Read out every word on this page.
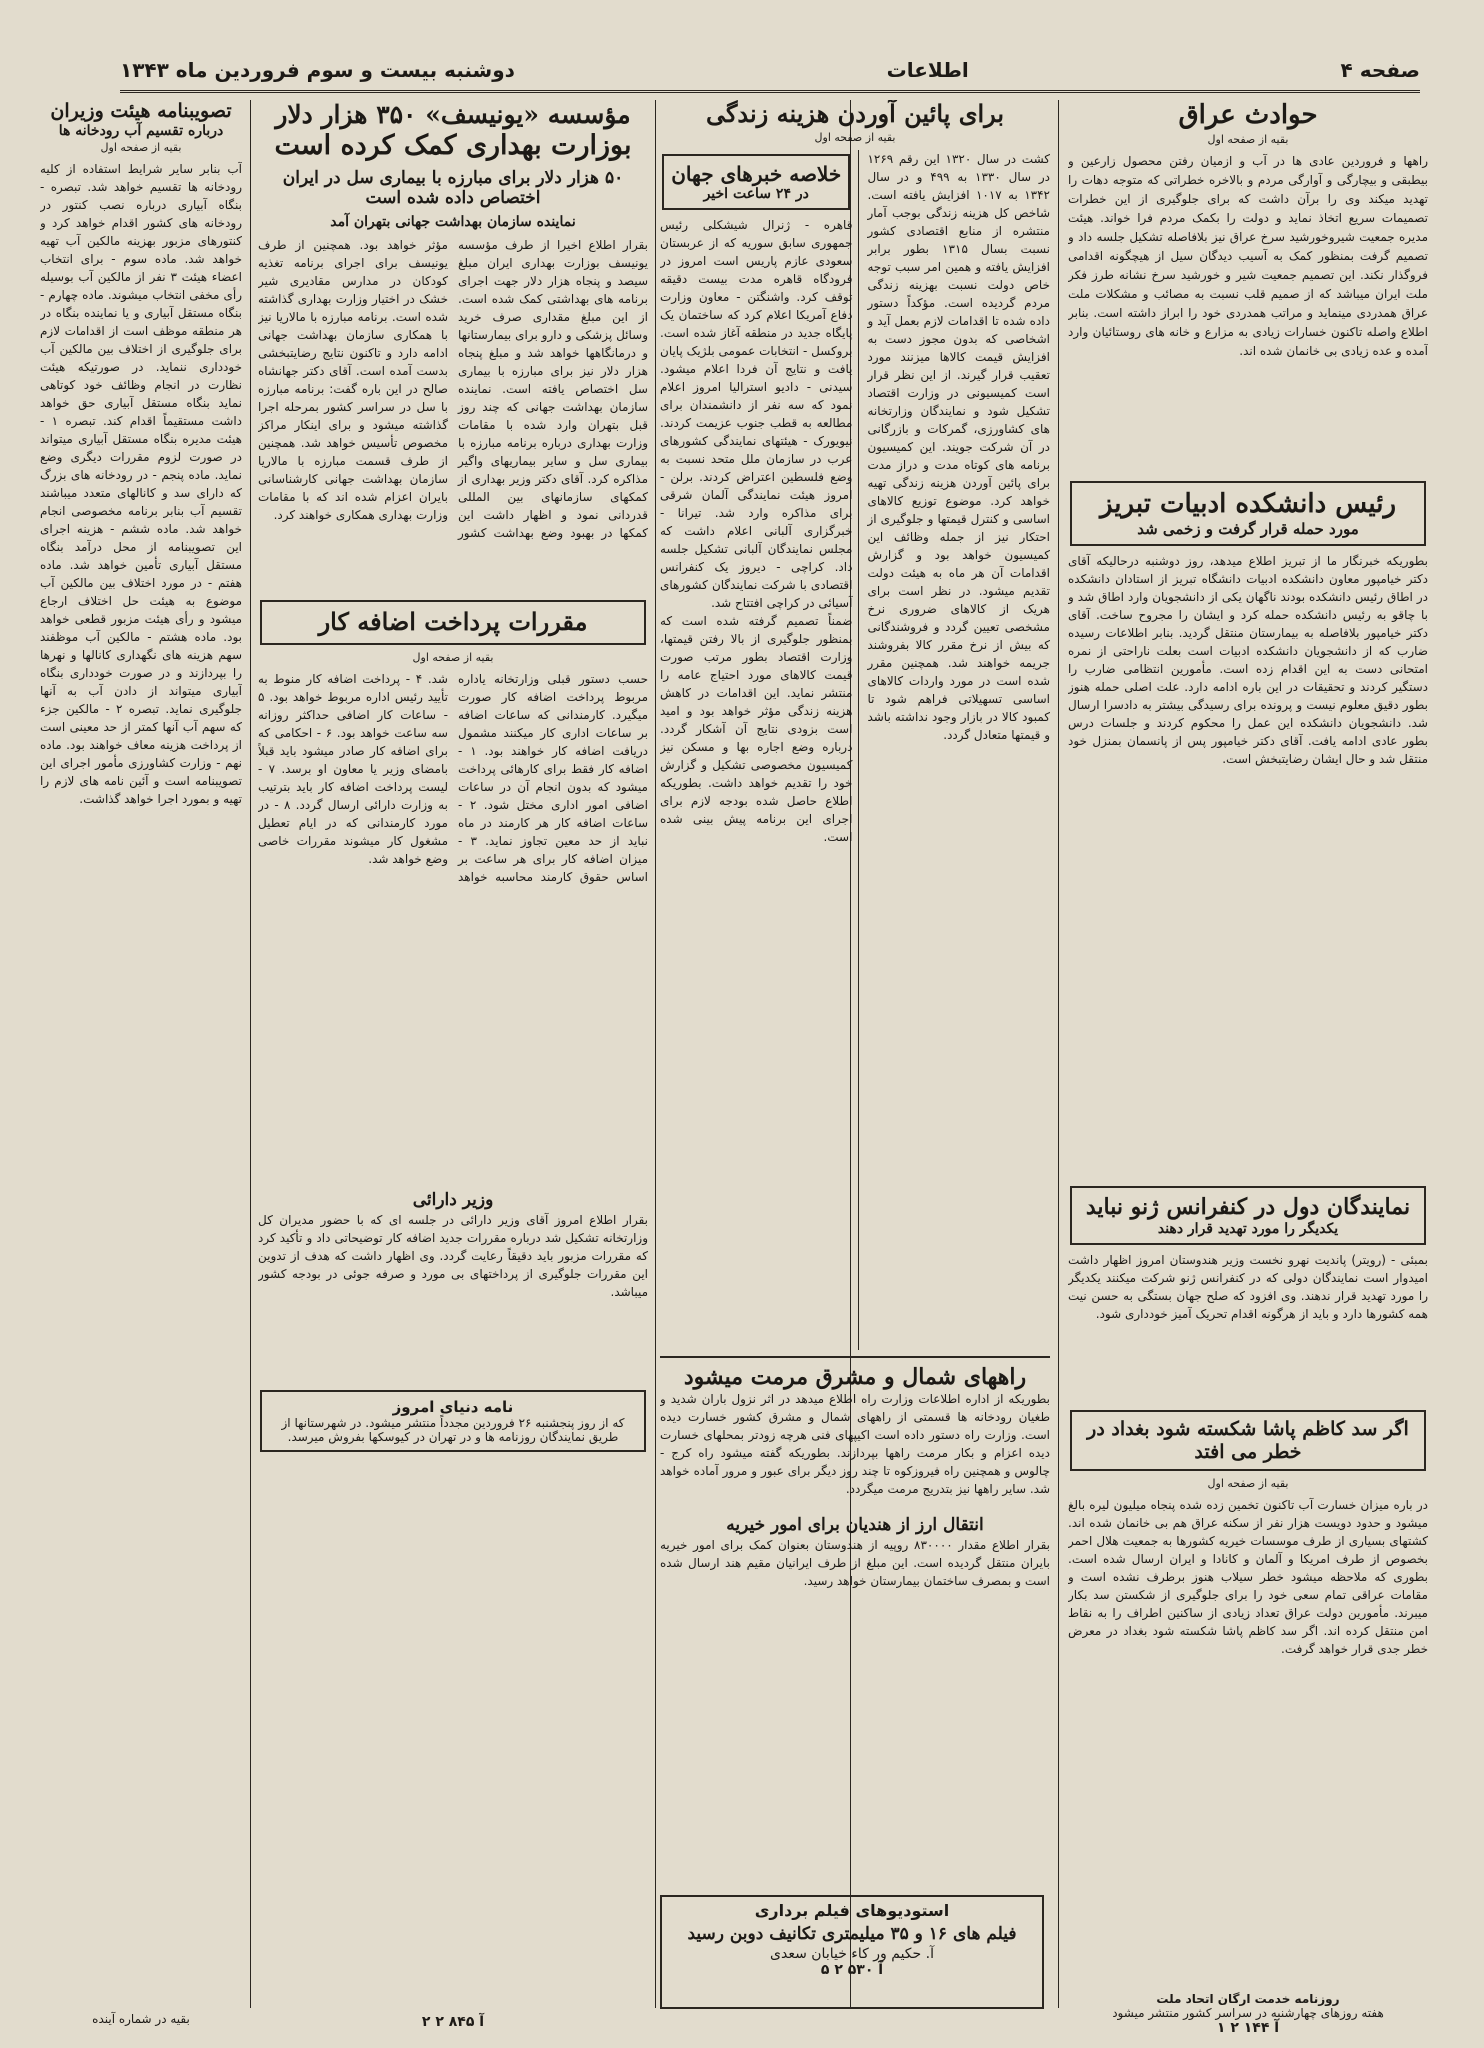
صفحه ۴
اطلاعات
دوشنبه بیست و سوم فروردین ماه ۱۳۴۳
حوادث عراق
بقیه از صفحه اول

راهها و فروردین عادی ها در آب و ازمیان رفتن محصول زارعین و بیطبقی و بیچارگی و آوارگی مردم و بالاخره خطراتی که متوجه دهات را تهدید میکند وی را برآن داشت که برای جلوگیری از این خطرات تصمیمات سریع اتخاذ نماید و دولت را بکمک مردم فرا خواند. هیئت مدیره جمعیت شیروخورشید سرخ عراق نیز بلافاصله تشکیل جلسه داد و تصمیم گرفت بمنظور کمک به آسیب دیدگان سیل از هیچگونه اقدامی فروگذار نکند. این تصمیم جمعیت شیر و خورشید سرخ نشانه طرز فکر ملت ایران میباشد که از صمیم قلب نسبت به مصائب و مشکلات ملت عراق همدردی مینماید و مراتب همدردی خود را ابراز داشته است. بنابر اطلاع واصله تاکنون خسارات زیادی به مزارع و خانه های روستائیان وارد آمده و عده زیادی بی خانمان شده اند.

رئیس دانشکده ادبیات تبریز
مورد حمله قرار گرفت و زخمی شد

بطوریکه خبرنگار ما از تبریز اطلاع میدهد، روز دوشنبه درحالیکه آقای دکتر خیامپور معاون دانشکده ادبیات دانشگاه تبریز از استادان دانشکده در اطاق رئیس دانشکده بودند ناگهان یکی از دانشجویان وارد اطاق شد و با چاقو به رئیس دانشکده حمله کرد و ایشان را مجروح ساخت. آقای دکتر خیامپور بلافاصله به بیمارستان منتقل گردید. بنابر اطلاعات رسیده ضارب که از دانشجویان دانشکده ادبیات است بعلت ناراحتی از نمره امتحانی دست به این اقدام زده است. مأمورین انتظامی ضارب را دستگیر کردند و تحقیقات در این باره ادامه دارد. علت اصلی حمله هنوز بطور دقیق معلوم نیست و پرونده برای رسیدگی بیشتر به دادسرا ارسال شد. دانشجویان دانشکده این عمل را محکوم کردند و جلسات درس بطور عادی ادامه یافت. آقای دکتر خیامپور پس از پانسمان بمنزل خود منتقل شد و حال ایشان رضایتبخش است.

نمایندگان دول در کنفرانس ژنو نباید
یکدیگر را مورد تهدید قرار دهند

بمبئی - (رویتر) پاندیت نهرو نخست وزیر هندوستان امروز اظهار داشت امیدوار است نمایندگان دولی که در کنفرانس ژنو شرکت میکنند یکدیگر را مورد تهدید قرار ندهند. وی افزود که صلح جهان بستگی به حسن نیت همه کشورها دارد و باید از هرگونه اقدام تحریک آمیز خودداری شود.

اگر سد کاظم پاشا شکسته شود بغداد در خطر می افتد
بقیه از صفحه اول

در باره میزان خسارت آب تاکنون تخمین زده شده پنجاه میلیون لیره بالغ میشود و حدود دویست هزار نفر از سکنه عراق هم بی خانمان شده اند. کشتهای بسیاری از طرف موسسات خیریه کشورها به جمعیت هلال احمر بخصوص از طرف امریکا و آلمان و کانادا و ایران ارسال شده است. بطوری که ملاحظه میشود خطر سیلاب هنوز برطرف نشده است و مقامات عراقی تمام سعی خود را برای جلوگیری از شکستن سد بکار میبرند. مأمورین دولت عراق تعداد زیادی از ساکنین اطراف را به نقاط امن منتقل کرده اند. اگر سد کاظم پاشا شکسته شود بغداد در معرض خطر جدی قرار خواهد گرفت.

روزنامه خدمت ارگان اتحاد ملت
هفته روزهای چهارشنبه در سراسر کشور منتشر میشود
آ ۱۴۴ ۲ ۱
برای پائین آوردن هزینه زندگی
بقیه از صفحه اول

کشت در سال ۱۳۲۰ این رقم ۱۲۶۹ در سال ۱۳۳۰ به ۴۹۹ و در سال ۱۳۴۲ به ۱۰۱۷ افزایش یافته است. شاخص کل هزینه زندگی بوجب آمار منتشره از منابع اقتصادی کشور نسبت بسال ۱۳۱۵ بطور برابر افزایش یافته و همین امر سبب توجه خاص دولت نسبت بهزینه زندگی مردم گردیده است. مؤکداً دستور داده شده تا اقدامات لازم بعمل آید و اشخاصی که بدون مجوز دست به افزایش قیمت کالاها میزنند مورد تعقیب قرار گیرند. از این نظر قرار است کمیسیونی در وزارت اقتصاد تشکیل شود و نمایندگان وزارتخانه های کشاورزی، گمرکات و بازرگانی در آن شرکت جویند. این کمیسیون برنامه های کوتاه مدت و دراز مدت برای پائین آوردن هزینه زندگی تهیه خواهد کرد. موضوع توزیع کالاهای اساسی و کنترل قیمتها و جلوگیری از احتکار نیز از جمله وظائف این کمیسیون خواهد بود و گزارش اقدامات آن هر ماه به هیئت دولت تقدیم میشود. در نظر است برای هریک از کالاهای ضروری نرخ مشخصی تعیین گردد و فروشندگانی که بیش از نرخ مقرر کالا بفروشند جریمه خواهند شد. همچنین مقرر شده است در مورد واردات کالاهای اساسی تسهیلاتی فراهم شود تا کمبود کالا در بازار وجود نداشته باشد و قیمتها متعادل گردد.

خلاصه خبرهای جهان
در ۲۴ ساعت اخیر

قاهره - ژنرال شیشکلی رئیس جمهوری سابق سوریه که از عربستان سعودی عازم پاریس است امروز در فرودگاه قاهره مدت بیست دقیقه توقف کرد. واشنگتن - معاون وزارت دفاع آمریکا اعلام کرد که ساختمان یک پایگاه جدید در منطقه آغاز شده است. بروکسل - انتخابات عمومی بلژیک پایان یافت و نتایج آن فردا اعلام میشود. سیدنی - دادیو استرالیا امروز اعلام نمود که سه نفر از دانشمندان برای مطالعه به قطب جنوب عزیمت کردند. نیویورک - هیئتهای نمایندگی کشورهای عرب در سازمان ملل متحد نسبت به وضع فلسطین اعتراض کردند. برلن - امروز هیئت نمایندگی آلمان شرقی برای مذاکره وارد شد. تیرانا - خبرگزاری آلبانی اعلام داشت که مجلس نمایندگان آلبانی تشکیل جلسه داد. کراچی - دیروز یک کنفرانس اقتصادی با شرکت نمایندگان کشورهای آسیائی در کراچی افتتاح شد.

ضمناً تصمیم گرفته شده است که بمنظور جلوگیری از بالا رفتن قیمتها، وزارت اقتصاد بطور مرتب صورت قیمت کالاهای مورد احتیاج عامه را منتشر نماید. این اقدامات در کاهش هزینه زندگی مؤثر خواهد بود و امید است بزودی نتایج آن آشکار گردد. درباره وضع اجاره بها و مسکن نیز کمیسیون مخصوصی تشکیل و گزارش خود را تقدیم خواهد داشت. بطوریکه اطلاع حاصل شده بودجه لازم برای اجرای این برنامه پیش بینی شده است.

راههای شمال و مشرق مرمت میشود

بطوریکه از اداره اطلاعات وزارت راه اطلاع میدهد در اثر نزول باران شدید و طغیان رودخانه ها قسمتی از راههای شمال و مشرق کشور خسارت دیده است. وزارت راه دستور داده است اکیپهای فنی هرچه زودتر بمحلهای خسارت دیده اعزام و بکار مرمت راهها بپردازند. بطوریکه گفته میشود راه کرج - چالوس و همچنین راه فیروزکوه تا چند روز دیگر برای عبور و مرور آماده خواهد شد. سایر راهها نیز بتدریج مرمت میگردد.

انتقال ارز از هندیان برای امور خیریه

بقرار اطلاع مقدار ۸۳۰۰۰۰ روپیه از هندوستان بعنوان کمک برای امور خیریه بایران منتقل گردیده است. این مبلغ از طرف ایرانیان مقیم هند ارسال شده است و بمصرف ساختمان بیمارستان خواهد رسید.

مؤسسه «یونیسف» ۳۵۰ هزار دلار
بوزارت بهداری کمک کرده است
۵۰ هزار دلار برای مبارزه با بیماری سل در ایران
اختصاص داده شده است
نماینده سازمان بهداشت جهانی بتهران آمد

بقرار اطلاع اخیرا از طرف مؤسسه یونیسف بوزارت بهداری ایران مبلغ سیصد و پنجاه هزار دلار جهت اجرای برنامه های بهداشتی کمک شده است. از این مبلغ مقداری صرف خرید وسائل پزشکی و دارو برای بیمارستانها و درمانگاهها خواهد شد و مبلغ پنجاه هزار دلار نیز برای مبارزه با بیماری سل اختصاص یافته است. نماینده سازمان بهداشت جهانی که چند روز قبل بتهران وارد شده با مقامات وزارت بهداری درباره برنامه مبارزه با بیماری سل و سایر بیماریهای واگیر مذاکره کرد. آقای دکتر وزیر بهداری از کمکهای سازمانهای بین المللی قدردانی نمود و اظهار داشت این کمکها در بهبود وضع بهداشت کشور مؤثر خواهد بود. همچنین از طرف یونیسف برای اجرای برنامه تغذیه کودکان در مدارس مقادیری شیر خشک در اختیار وزارت بهداری گذاشته شده است. برنامه مبارزه با مالاریا نیز با همکاری سازمان بهداشت جهانی ادامه دارد و تاکنون نتایج رضایتبخشی بدست آمده است. آقای دکتر جهانشاه صالح در این باره گفت: برنامه مبارزه با سل در سراسر کشور بمرحله اجرا گذاشته میشود و برای اینکار مراکز مخصوص تأسیس خواهد شد. همچنین از طرف قسمت مبارزه با مالاریا سازمان بهداشت جهانی کارشناسانی بایران اعزام شده اند که با مقامات وزارت بهداری همکاری خواهند کرد.

مقررات پرداخت اضافه کار
بقیه از صفحه اول

حسب دستور قبلی وزارتخانه یاداره مربوط پرداخت اضافه کار صورت میگیرد. کارمندانی که ساعات اضافه بر ساعات اداری کار میکنند مشمول دریافت اضافه کار خواهند بود. ۱ - اضافه کار فقط برای کارهائی پرداخت میشود که بدون انجام آن در ساعات اضافی امور اداری مختل شود. ۲ - ساعات اضافه کار هر کارمند در ماه نباید از حد معین تجاوز نماید. ۳ - میزان اضافه کار برای هر ساعت بر اساس حقوق کارمند محاسبه خواهد شد. ۴ - پرداخت اضافه کار منوط به تأیید رئیس اداره مربوط خواهد بود. ۵ - ساعات کار اضافی حداکثر روزانه سه ساعت خواهد بود. ۶ - احکامی که برای اضافه کار صادر میشود باید قبلاً بامضای وزیر یا معاون او برسد. ۷ - لیست پرداخت اضافه کار باید بترتیب به وزارت دارائی ارسال گردد. ۸ - در مورد کارمندانی که در ایام تعطیل مشغول کار میشوند مقررات خاصی وضع خواهد شد.

وزیر دارائی

بقرار اطلاع امروز آقای وزیر دارائی در جلسه ای که با حضور مدیران کل وزارتخانه تشکیل شد درباره مقررات جدید اضافه کار توضیحاتی داد و تأکید کرد که مقررات مزبور باید دقیقاً رعایت گردد. وی اظهار داشت که هدف از تدوین این مقررات جلوگیری از پرداختهای بی مورد و صرفه جوئی در بودجه کشور میباشد.

نامه دنیای امروز
که از روز پنجشنبه ۲۶ فروردین مجدداً منتشر میشود. در شهرستانها از طریق نمایندگان روزنامه ها و در تهران در کیوسکها بفروش میرسد.
آ ۸۴۵ ۲ ۲
تصویبنامه هیئت وزیران
درباره تقسیم آب رودخانه ها
بقیه از صفحه اول

آب بنابر سایر شرایط استفاده از کلیه رودخانه ها تقسیم خواهد شد. تبصره - بنگاه آبیاری درباره نصب کنتور در رودخانه های کشور اقدام خواهد کرد و کنتورهای مزبور بهزینه مالکین آب تهیه خواهد شد. ماده سوم - برای انتخاب اعضاء هیئت ۳ نفر از مالکین آب بوسیله رأی مخفی انتخاب میشوند. ماده چهارم - بنگاه مستقل آبیاری و یا نماینده بنگاه در هر منطقه موظف است از اقدامات لازم برای جلوگیری از اختلاف بین مالکین آب خودداری ننماید. در صورتیکه هیئت نظارت در انجام وظائف خود کوتاهی نماید بنگاه مستقل آبیاری حق خواهد داشت مستقیماً اقدام کند. تبصره ۱ - هیئت مدیره بنگاه مستقل آبیاری میتواند در صورت لزوم مقررات دیگری وضع نماید. ماده پنجم - در رودخانه های بزرگ که دارای سد و کانالهای متعدد میباشند تقسیم آب بنابر برنامه مخصوصی انجام خواهد شد. ماده ششم - هزینه اجرای این تصویبنامه از محل درآمد بنگاه مستقل آبیاری تأمین خواهد شد. ماده هفتم - در مورد اختلاف بین مالکین آب موضوع به هیئت حل اختلاف ارجاع میشود و رأی هیئت مزبور قطعی خواهد بود. ماده هشتم - مالکین آب موظفند سهم هزینه های نگهداری کانالها و نهرها را بپردازند و در صورت خودداری بنگاه آبیاری میتواند از دادن آب به آنها جلوگیری نماید. تبصره ۲ - مالکین جزء که سهم آب آنها کمتر از حد معینی است از پرداخت هزینه معاف خواهند بود. ماده نهم - وزارت کشاورزی مأمور اجرای این تصویبنامه است و آئین نامه های لازم را تهیه و بمورد اجرا خواهد گذاشت.

بقیه در شماره آینده
استودیوهای فیلم برداری
فیلم های ۱۶ و ۳۵ میلیمتری تکانیف دوبن رسید
آ. حکیم ور کاء خیابان سعدی
آ ۵۳۰ ۲ ۵
